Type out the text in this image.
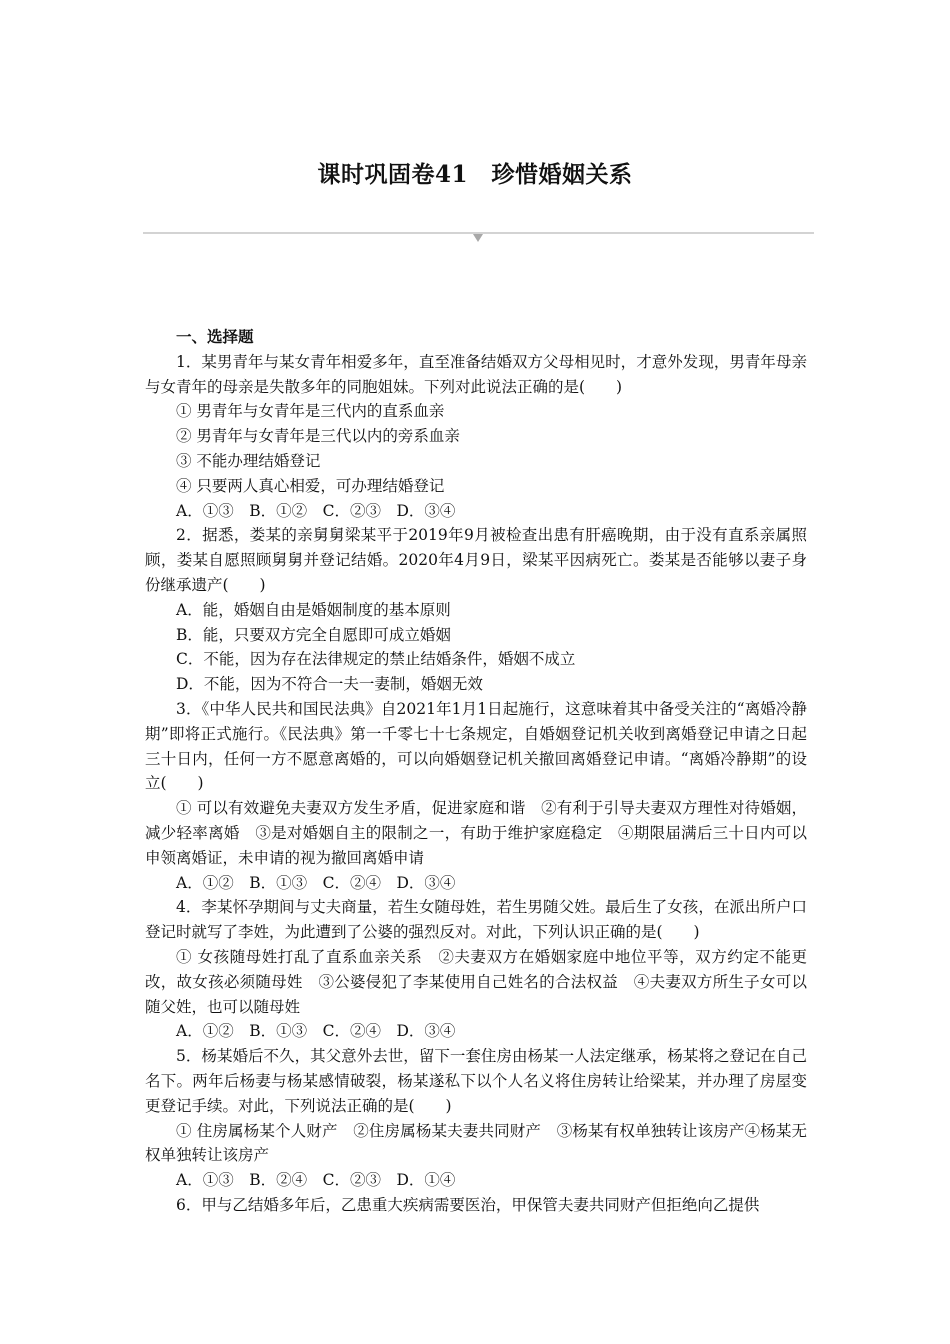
课时巩固卷41　珍惜婚姻关系

一、选择题

1．某男青年与某女青年相爱多年，直至准备结婚双方父母相见时，才意外发现，男青年母亲与女青年的母亲是失散多年的同胞姐妹。下列对此说法正确的是(　　)

① 男青年与女青年是三代内的直系血亲

② 男青年与女青年是三代以内的旁系血亲

③ 不能办理结婚登记

④ 只要两人真心相爱，可办理结婚登记

A．①③　B．①②　C．②③　D．③④

2．据悉，娄某的亲舅舅梁某平于2019年9月被检查出患有肝癌晚期，由于没有直系亲属照顾，娄某自愿照顾舅舅并登记结婚。2020年4月9日，梁某平因病死亡。娄某是否能够以妻子身份继承遗产(　　)

A．能，婚姻自由是婚姻制度的基本原则

B．能，只要双方完全自愿即可成立婚姻

C．不能，因为存在法律规定的禁止结婚条件，婚姻不成立

D．不能，因为不符合一夫一妻制，婚姻无效

3．《中华人民共和国民法典》自2021年1月1日起施行，这意味着其中备受关注的“离婚冷静期”即将正式施行。《民法典》第一千零七十七条规定，自婚姻登记机关收到离婚登记申请之日起三十日内，任何一方不愿意离婚的，可以向婚姻登记机关撤回离婚登记申请。“离婚冷静期”的设立(　　)

① 可以有效避免夫妻双方发生矛盾，促进家庭和谐　②有利于引导夫妻双方理性对待婚姻，减少轻率离婚　③是对婚姻自主的限制之一，有助于维护家庭稳定　④期限届满后三十日内可以申领离婚证，未申请的视为撤回离婚申请

A．①②　B．①③　C．②④　D．③④

4．李某怀孕期间与丈夫商量，若生女随母姓，若生男随父姓。最后生了女孩，在派出所户口登记时就写了李姓，为此遭到了公婆的强烈反对。对此，下列认识正确的是(　　)

① 女孩随母姓打乱了直系血亲关系　②夫妻双方在婚姻家庭中地位平等，双方约定不能更改，故女孩必须随母姓　③公婆侵犯了李某使用自己姓名的合法权益　④夫妻双方所生子女可以随父姓，也可以随母姓

A．①②　B．①③　C．②④　D．③④

5．杨某婚后不久，其父意外去世，留下一套住房由杨某一人法定继承，杨某将之登记在自己名下。两年后杨妻与杨某感情破裂，杨某遂私下以个人名义将住房转让给梁某，并办理了房屋变更登记手续。对此，下列说法正确的是(　　)

① 住房属杨某个人财产　②住房属杨某夫妻共同财产　③杨某有权单独转让该房产④杨某无权单独转让该房产

A．①③　B．②④　C．②③　D．①④

6．甲与乙结婚多年后，乙患重大疾病需要医治，甲保管夫妻共同财产但拒绝向乙提供
